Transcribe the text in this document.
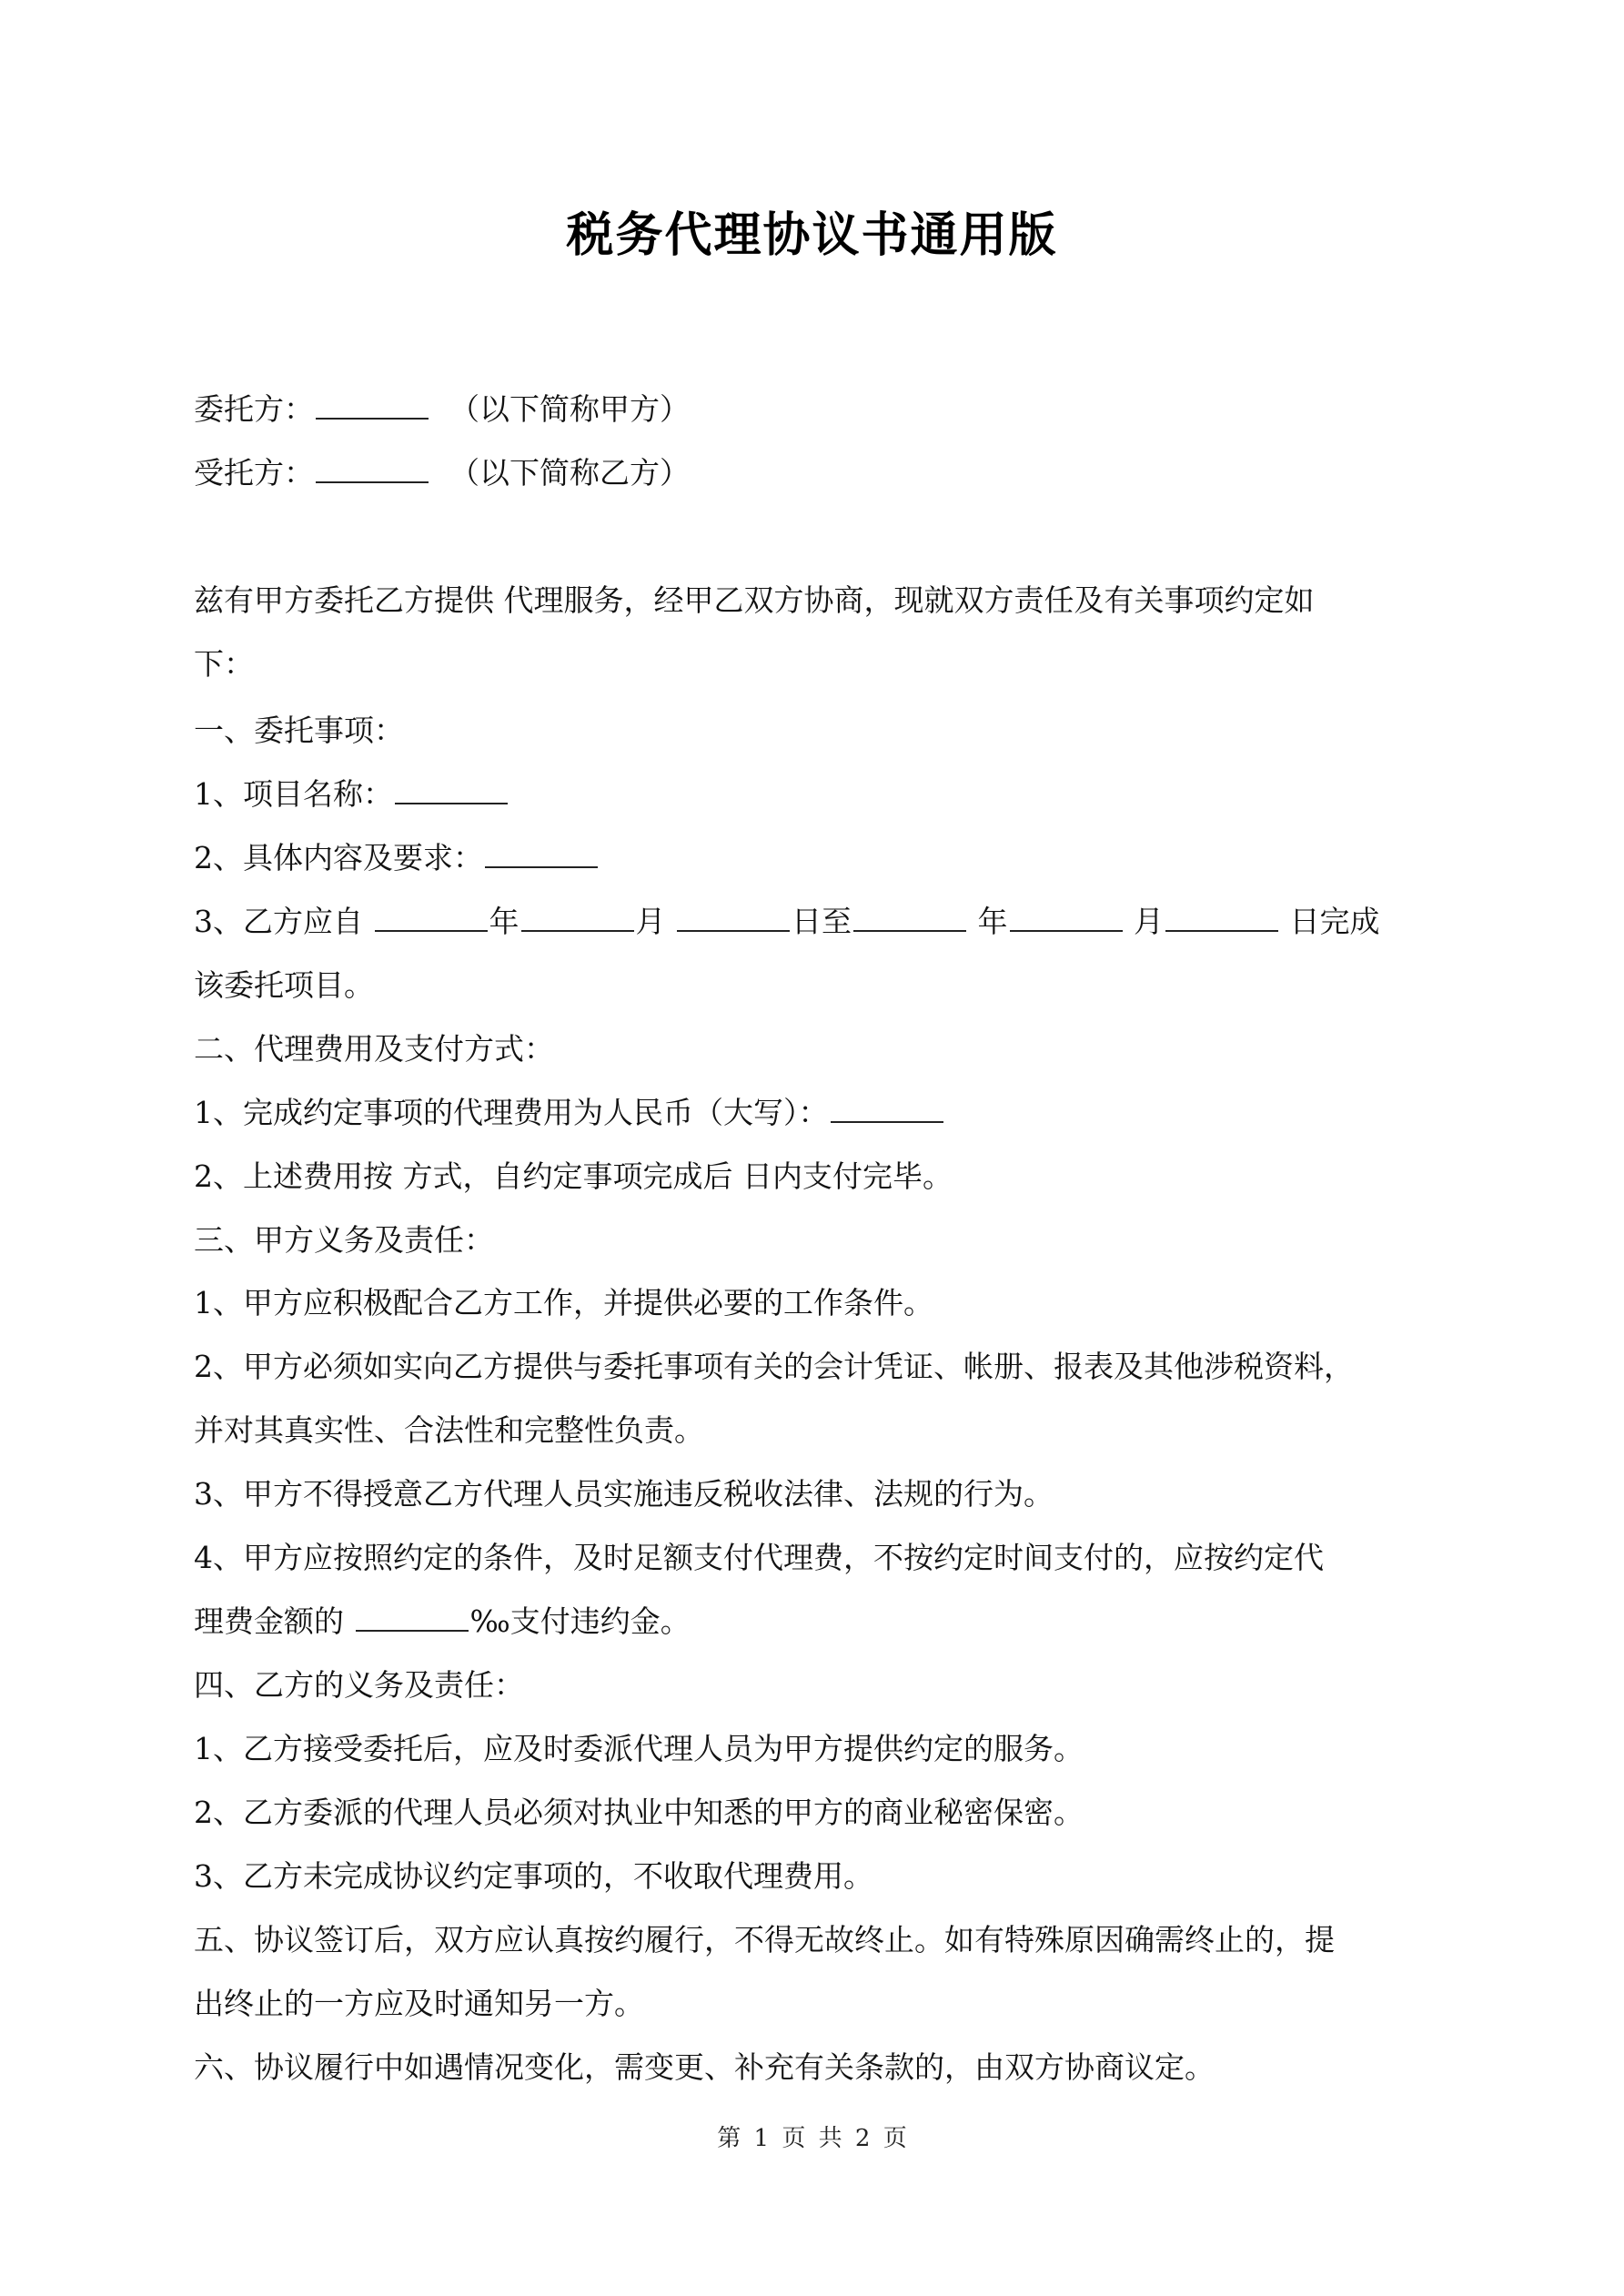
税务代理协议书通用版
委托方：	（以下简称甲方）
受托方：	（以下简称乙方）
兹有甲方委托乙方提供 代理服务，经甲乙双方协商，现就双方责任及有关事项约定如
下：
一、委托事项：
1、项目名称：
2、具体内容及要求：
3、乙方应自	年	月	日至	年	月	日完成
该委托项目。
二、代理费用及支付方式：
1、完成约定事项的代理费用为人民币（大写）：
2、上述费用按 方式，自约定事项完成后 日内支付完毕。
三、甲方义务及责任：
1、甲方应积极配合乙方工作，并提供必要的工作条件。
2、甲方必须如实向乙方提供与委托事项有关的会计凭证、帐册、报表及其他涉税资料，
并对其真实性、合法性和完整性负责。
3、甲方不得授意乙方代理人员实施违反税收法律、法规的行为。
4、甲方应按照约定的条件，及时足额支付代理费，不按约定时间支付的，应按约定代
理费金额的	‰支付违约金。
四、乙方的义务及责任：
1、乙方接受委托后，应及时委派代理人员为甲方提供约定的服务。
2、乙方委派的代理人员必须对执业中知悉的甲方的商业秘密保密。
3、乙方未完成协议约定事项的，不收取代理费用。
五、协议签订后，双方应认真按约履行，不得无故终止。如有特殊原因确需终止的，提
出终止的一方应及时通知另一方。
六、协议履行中如遇情况变化，需变更、补充有关条款的，由双方协商议定。
第 1 页 共 2 页
